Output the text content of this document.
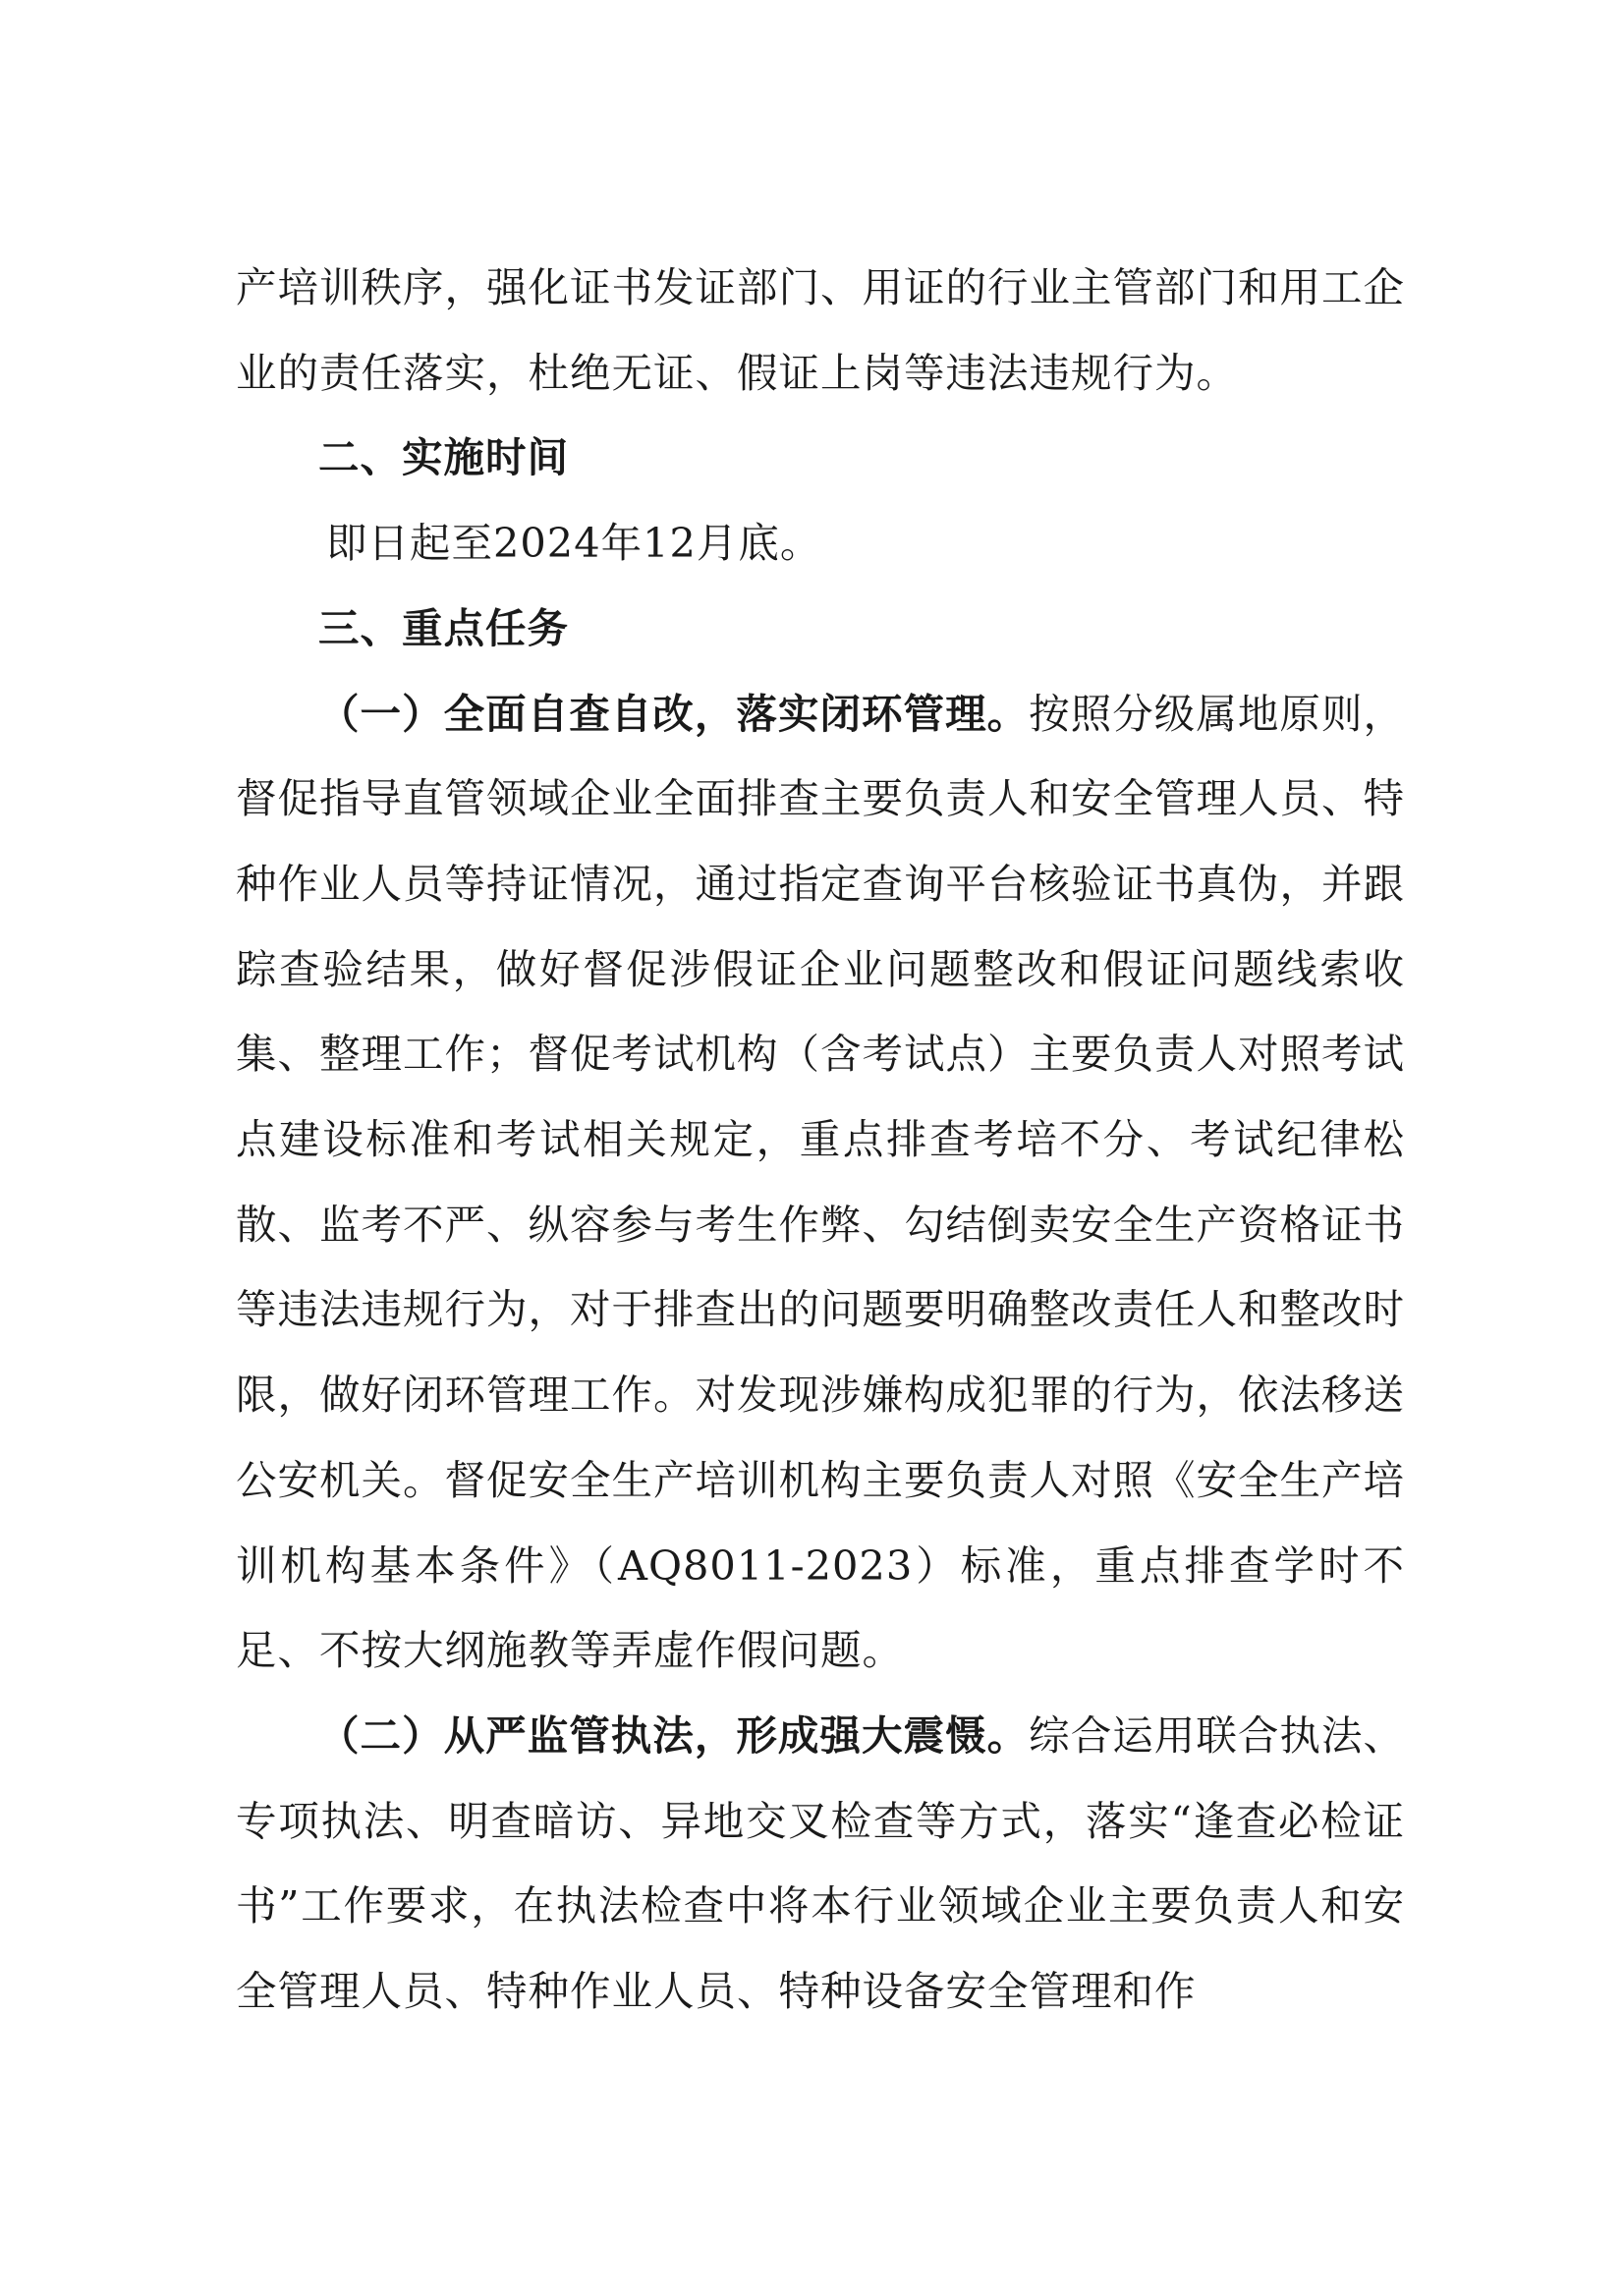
产培训秩序，强化证书发证部门、用证的行业主管部门和用工企业的责任落实，杜绝无证、假证上岗等违法违规行为。

二、实施时间

即日起至2024年12月底。

三、重点任务

（一）全面自查自改，落实闭环管理。按照分级属地原则，督促指导直管领域企业全面排查主要负责人和安全管理人员、特种作业人员等持证情况，通过指定查询平台核验证书真伪，并跟踪查验结果，做好督促涉假证企业问题整改和假证问题线索收集、整理工作；督促考试机构（含考试点）主要负责人对照考试点建设标准和考试相关规定，重点排查考培不分、考试纪律松散、监考不严、纵容参与考生作弊、勾结倒卖安全生产资格证书等违法违规行为，对于排查出的问题要明确整改责任人和整改时限，做好闭环管理工作。对发现涉嫌构成犯罪的行为，依法移送公安机关。督促安全生产培训机构主要负责人对照《安全生产培训机构基本条件》（AQ8011-2023）标准，重点排查学时不足、不按大纲施教等弄虚作假问题。

（二）从严监管执法，形成强大震慑。综合运用联合执法、专项执法、明查暗访、异地交叉检查等方式，落实“逢查必检证书”工作要求，在执法检查中将本行业领域企业主要负责人和安全管理人员、特种作业人员、特种设备安全管理和作
